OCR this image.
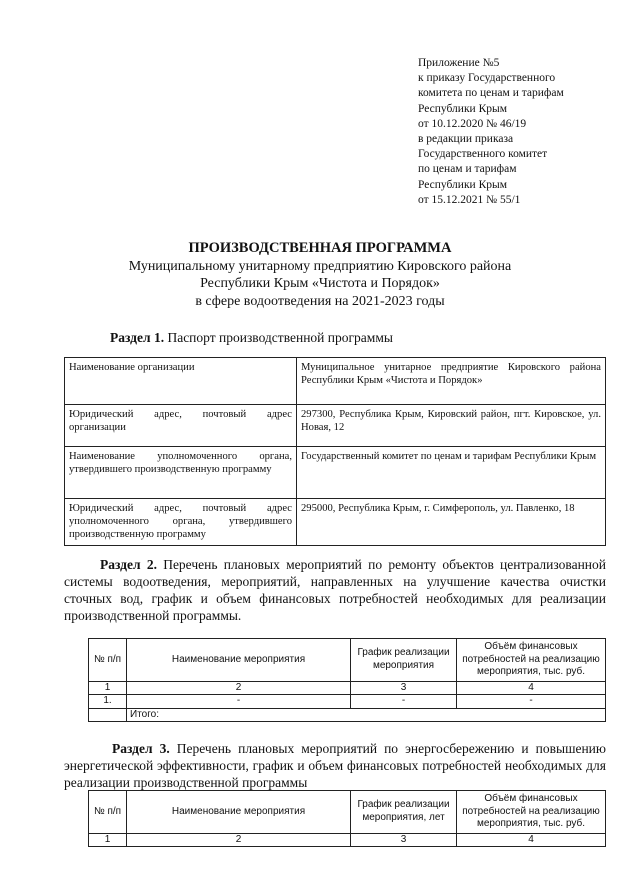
Приложение №5
к приказу Государственного
комитета по ценам и тарифам
Республики Крым
от 10.12.2020 № 46/19
в редакции приказа
Государственного комитет
по ценам и тарифам
Республики Крым
от 15.12.2021 № 55/1
ПРОИЗВОДСТВЕННАЯ ПРОГРАММА
Муниципальному унитарному предприятию Кировского района
Республики Крым «Чистота и Порядок»
в сфере водоотведения на 2021-2023 годы
Раздел 1. Паспорт производственной программы
Наименование организации	Муниципальное унитарное предприятие Кировского района Республики Крым «Чистота и Порядок»
Юридический адрес, почтовый адрес организации	297300, Республика Крым, Кировский район, пгт. Кировское, ул. Новая, 12
Наименование уполномоченного органа, утвердившего производственную программу	Государственный комитет по ценам и тарифам Республики Крым
Юридический адрес, почтовый адрес уполномоченного органа, утвердившего производственную программу	295000, Республика Крым, г. Симферополь, ул. Павленко, 18
Раздел 2. Перечень плановых мероприятий по ремонту объектов централизованной системы водоотведения, мероприятий, направленных на улучшение качества очистки сточных вод, график и объем финансовых потребностей необходимых для реализации производственной программы.
№ п/п	Наименование мероприятия	График реализации мероприятия	Объём финансовых потребностей на реализацию мероприятия, тыс. руб.
1	2	3	4
1.	-	-	-
	Итого:		
Раздел 3. Перечень плановых мероприятий по энергосбережению и повышению энергетической эффективности, график и объем финансовых потребностей необходимых для реализации производственной программы
№ п/п	Наименование мероприятия	График реализации мероприятия, лет	Объём финансовых потребностей на реализацию мероприятия, тыс. руб.
1	2	3	4
